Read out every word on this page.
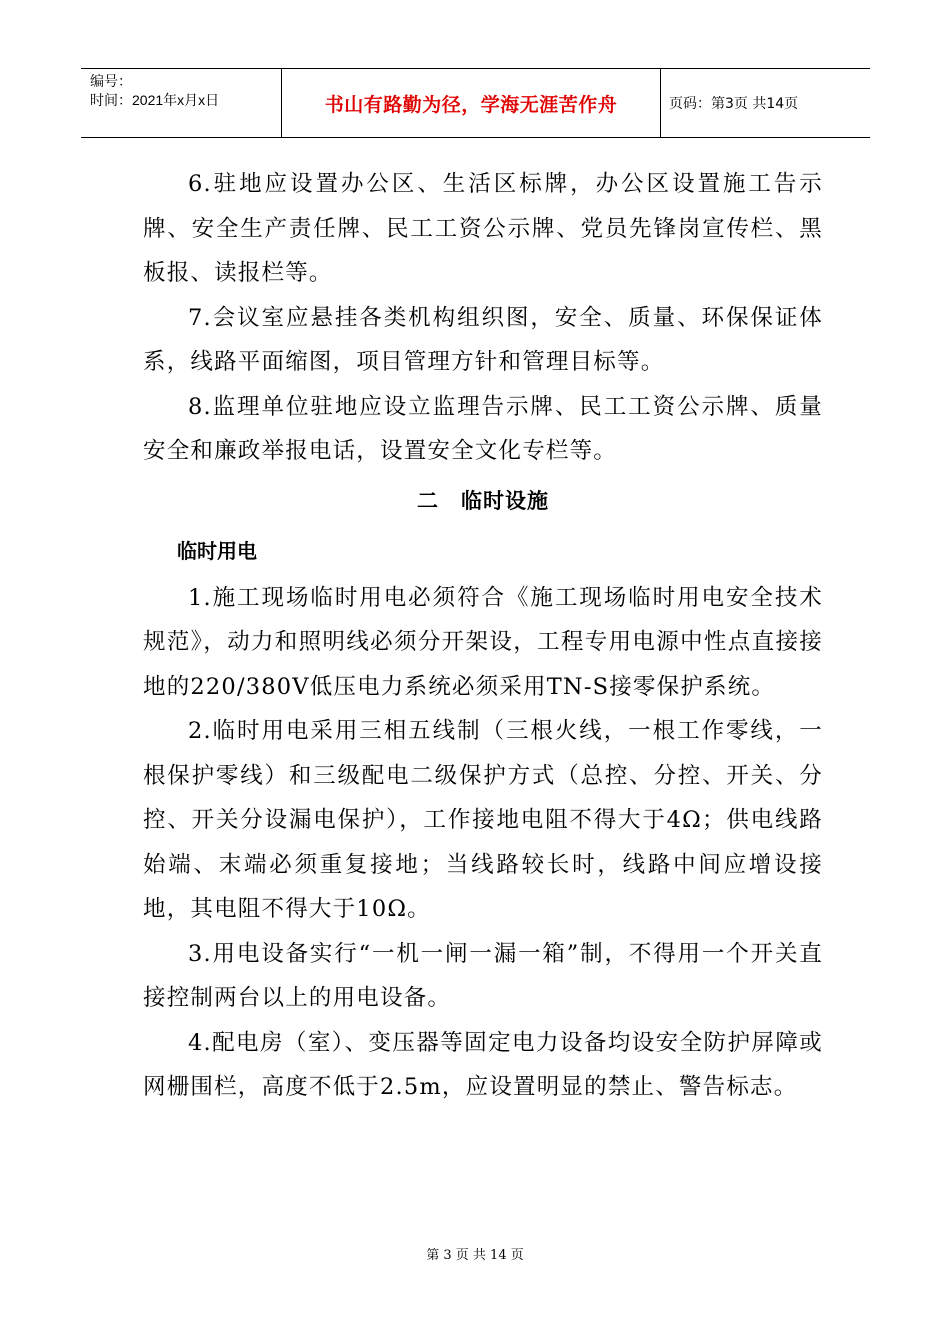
编号：
时间：2021年x月x日	书山有路勤为径，学海无涯苦作舟	页码：第3页 共14页

6.驻地应设置办公区、生活区标牌，办公区设置施工告示牌、安全生产责任牌、民工工资公示牌、党员先锋岗宣传栏、黑板报、读报栏等。

7.会议室应悬挂各类机构组织图，安全、质量、环保保证体系，线路平面缩图，项目管理方针和管理目标等。

8.监理单位驻地应设立监理告示牌、民工工资公示牌、质量安全和廉政举报电话，设置安全文化专栏等。

二　临时设施

临时用电

1.施工现场临时用电必须符合《施工现场临时用电安全技术规范》，动力和照明线必须分开架设，工程专用电源中性点直接接地的220/380V低压电力系统必须采用TN-S接零保护系统。

2.临时用电采用三相五线制（三根火线，一根工作零线，一根保护零线）和三级配电二级保护方式（总控、分控、开关、分控、开关分设漏电保护），工作接地电阻不得大于4Ω；供电线路始端、末端必须重复接地；当线路较长时，线路中间应增设接地，其电阻不得大于10Ω。

3.用电设备实行“一机一闸一漏一箱”制，不得用一个开关直接控制两台以上的用电设备。

4.配电房（室）、变压器等固定电力设备均设安全防护屏障或网栅围栏，高度不低于2.5m，应设置明显的禁止、警告标志。

第 3 页 共 14 页
